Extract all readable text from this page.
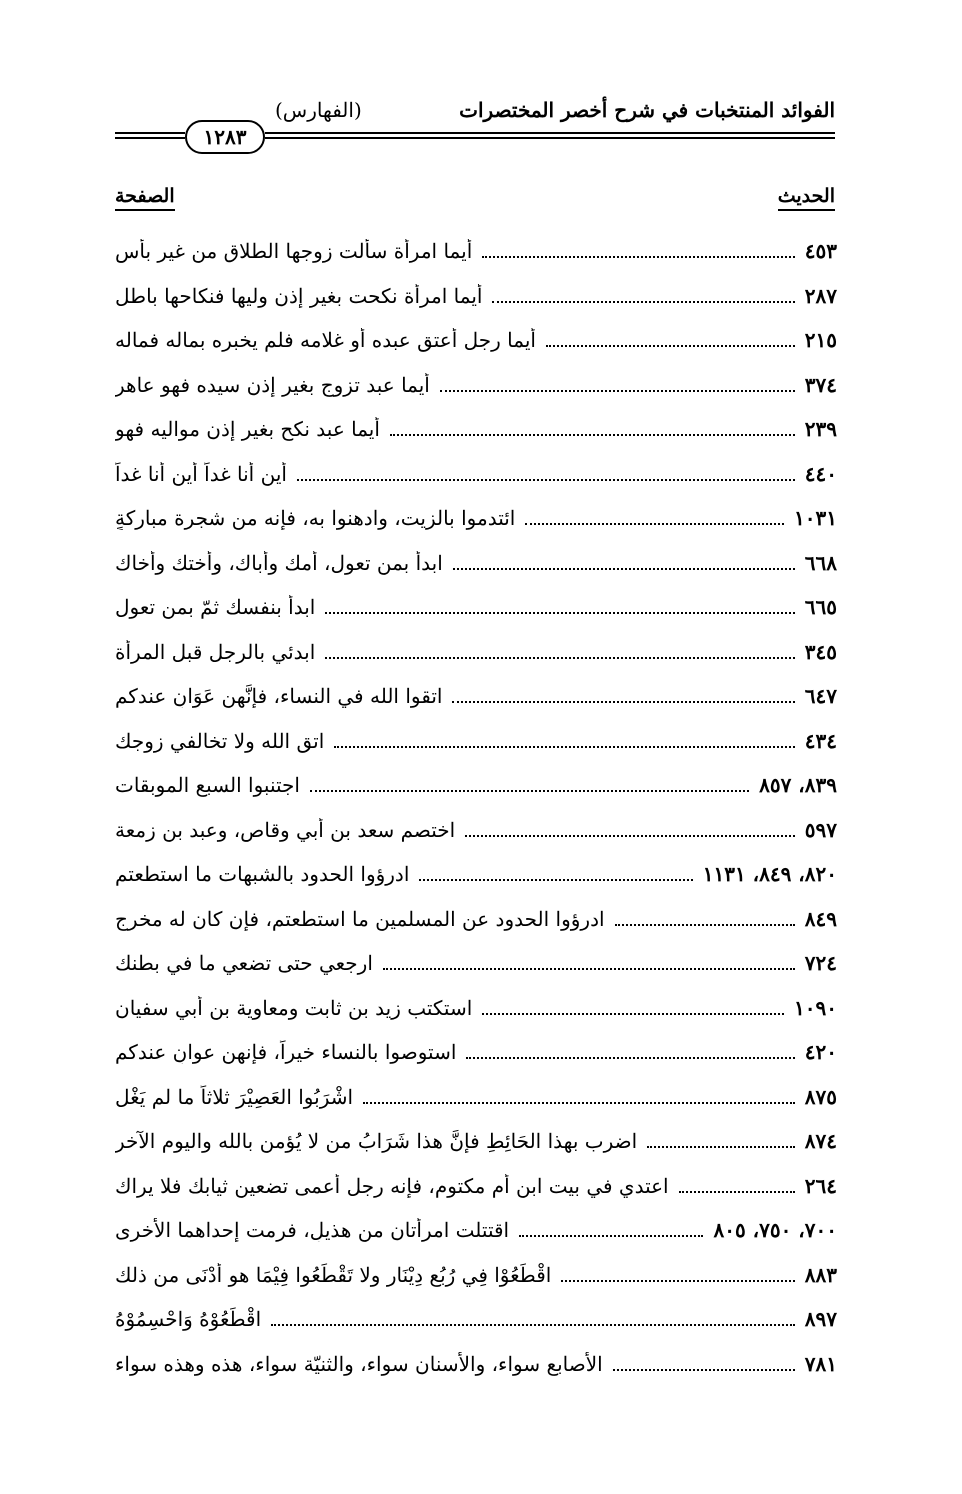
الفوائد المنتخبات في شرح أخصر المختصرات
(الفهارس)
١٢٨٣
الحديث
الصفحة
أيما امرأة سألت زوجها الطلاق من غير بأس	٤٥٣
أيما امرأة نكحت بغير إذن وليها فنكاحها باطل	٢٨٧
أيما رجل أعتق عبده أو غلامه فلم يخبره بماله فماله	٢١٥
أيما عبد تزوج بغير إذن سيده فهو عاهر	٣٧٤
أيما عبد نكح بغير إذن مواليه فهو	٢٣٩
أين أنا غداً أين أنا غداً	٤٤٠
ائتدموا بالزيت، وادهنوا به، فإنه من شجرة مباركةٍ	١٠٣١
ابدأ بمن تعول، أمك وأباك، وأختك وأخاك	٦٦٨
ابدأ بنفسك ثمّ بمن تعول	٦٦٥
ابدئي بالرجل قبل المرأة	٣٤٥
اتقوا الله في النساء، فإنَّهن عَوَانٍ عندكم	٦٤٧
اتقِ الله ولا تخالفي زوجك	٤٣٤
اجتنبوا السبع الموبقات	٨٣٩، ٨٥٧
اختصم سعد بن أبي وقاص، وعبد بن زمعة	٥٩٧
ادرؤوا الحدود بالشبهات ما استطعتم	٨٢٠، ٨٤٩، ١١٣١
ادرؤوا الحدود عن المسلمين ما استطعتم، فإن كان له مخرج	٨٤٩
ارجعي حتى تضعي ما في بطنك	٧٢٤
استكتب زيد بن ثابت ومعاوية بن أبي سفيان	١٠٩٠
استوصوا بالنساء خيراً، فإنهن عوانٍ عندكم	٤٢٠
اشْرَبُوا العَصِيْرَ ثلاثاً ما لم يَغْلِ	٨٧٥
اضرب بهذا الحَائِطِ فإنَّ هذا شَرَابُ من لا يُؤمن بالله واليوم الآخر	٨٧٤
اعتدي في بيت ابن أم مكتوم، فإنه رجل أعمى تضعين ثيابك فلا يراك	٢٦٤
اقتتلت امرأتان من هذيلٍ، فرمت إحداهما الأخرى	٧٠٠، ٧٥٠، ٨٠٥
اقْطَعُوْا فِي رُبُعِ دِيْنَارٍ ولا تَقْطَعُوا فِيْمَا هو أَدْنَى من ذلك	٨٨٣
اقْطَعُوْهُ وَاحْسِمُوْهُ	٨٩٧
الأصابع سواء، والأسنان سواء، والثنيّة سواء، هذه وهذه سواء	٧٨١
